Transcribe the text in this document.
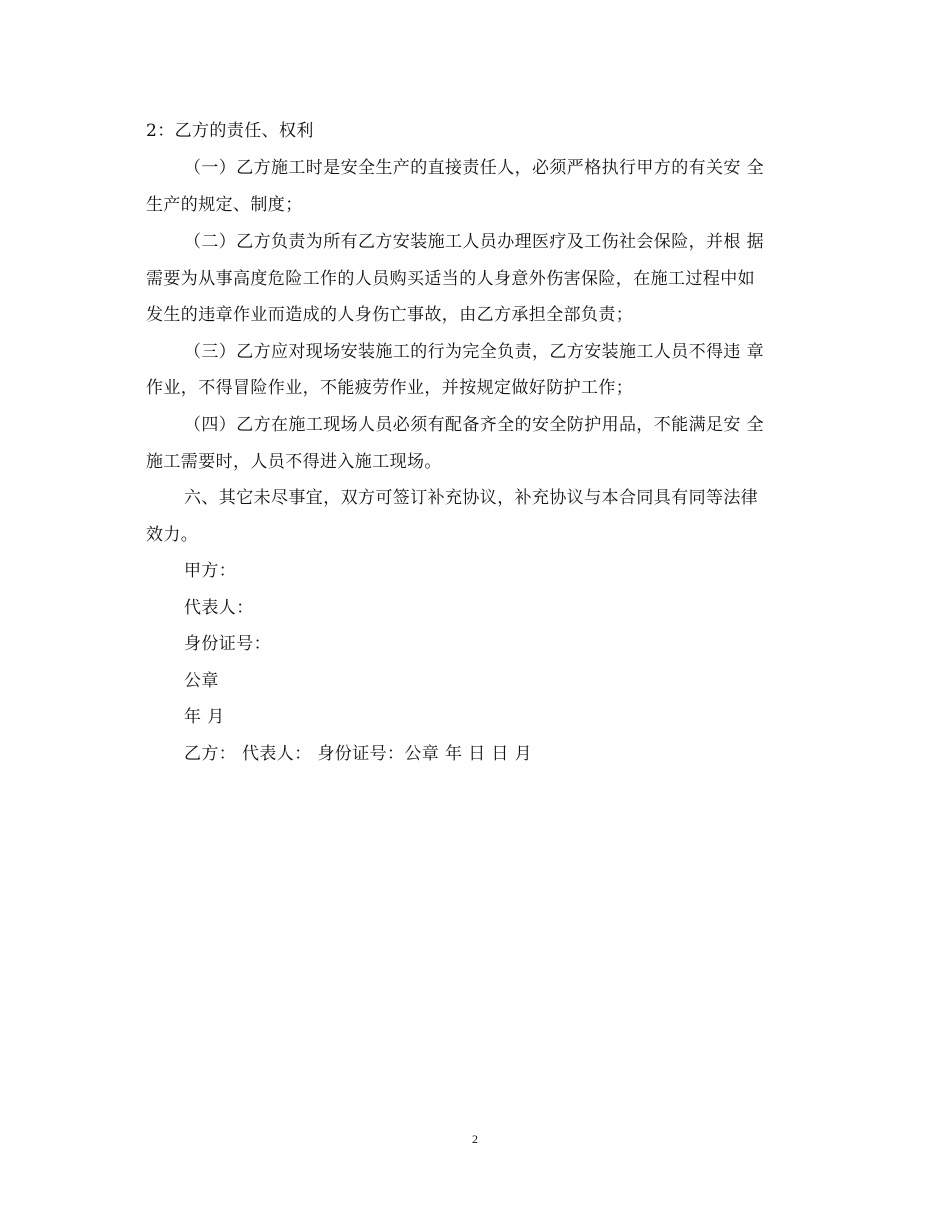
2：乙方的责任、权利
（一）乙方施工时是安全生产的直接责任人，必须严格执行甲方的有关安 全
生产的规定、制度；
（二）乙方负责为所有乙方安装施工人员办理医疗及工伤社会保险，并根 据
需要为从事高度危险工作的人员购买适当的人身意外伤害保险，在施工过程中如
发生的违章作业而造成的人身伤亡事故，由乙方承担全部负责；
（三）乙方应对现场安装施工的行为完全负责，乙方安装施工人员不得违 章
作业，不得冒险作业，不能疲劳作业，并按规定做好防护工作；
（四）乙方在施工现场人员必须有配备齐全的安全防护用品，不能满足安 全
施工需要时，人员不得进入施工现场。
六、其它未尽事宜，双方可签订补充协议，补充协议与本合同具有同等法律
效力。
甲方：
代表人：
身份证号：
公章
年 月
乙方： 代表人： 身份证号：公章 年 日 日 月
2
